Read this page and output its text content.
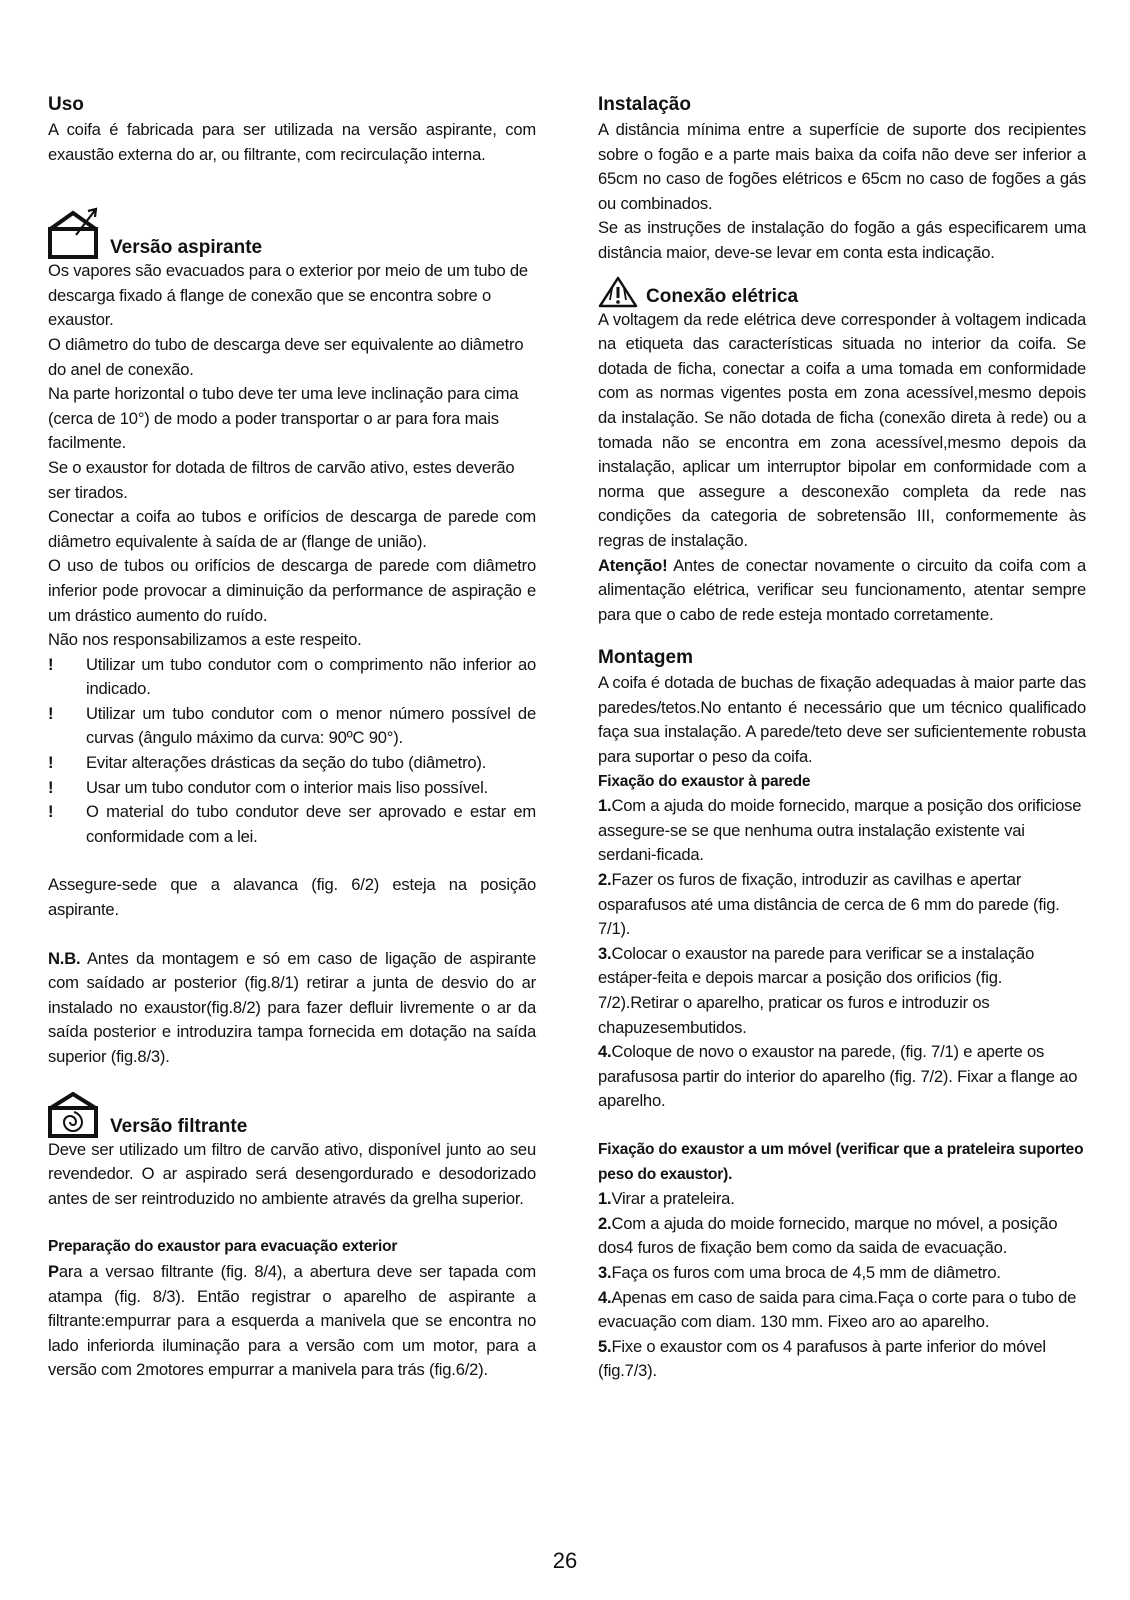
Uso

A coifa é fabricada para ser utilizada na versão aspirante, com exaustão externa do ar, ou filtrante, com recirculação interna.

Versão aspirante

Os vapores são evacuados para o exterior por meio de um tubo de descarga fixado á flange de conexão que se encontra sobre o exaustor.

O diâmetro do tubo de descarga deve ser equivalente ao diâmetro do anel de conexão.

Na parte horizontal o tubo deve ter uma leve inclinação para cima (cerca de 10°) de modo a poder transportar o ar para fora mais facilmente.

Se o exaustor for dotada de filtros de carvão ativo, estes deverão ser tirados.

Conectar a coifa ao tubos e orifícios de descarga de parede com diâmetro equivalente à saída de ar (flange de união).

O uso de tubos ou orifícios de descarga de parede com diâmetro inferior pode provocar a diminuição da performance de aspiração e um drástico aumento do ruído.

Não nos responsabilizamos a este respeito.

!	Utilizar um tubo condutor com o comprimento não inferior ao indicado.

!	Utilizar um tubo condutor com o menor número possível de curvas (ângulo máximo da curva: 90ºC 90°).

!	Evitar alterações drásticas da seção do tubo (diâmetro).

!	Usar um tubo condutor com o interior mais liso possível.

!	O material do tubo condutor deve ser aprovado e estar em conformidade com a lei.

Assegure-sede que a alavanca (fig. 6/2) esteja na posição aspirante.

N.B. Antes da montagem e só em caso de ligação de aspirante com saídado ar posterior (fig.8/1) retirar a junta de desvio do ar instalado no exaustor(fig.8/2) para fazer defluir livremente o ar da saída posterior e introduzira tampa fornecida em dotação na saída superior (fig.8/3).

Versão filtrante

Deve ser utilizado um filtro de carvão ativo, disponível junto ao seu revendedor. O ar aspirado será desengordurado e desodorizado antes de ser reintroduzido no ambiente através da grelha superior.

Preparação do exaustor para evacuação exterior

Para a versao filtrante (fig. 8/4), a abertura deve ser tapada com atampa (fig. 8/3). Então registrar o aparelho de aspirante a filtrante:empurrar para a esquerda a manivela que se encontra no lado inferiorda iluminação para a versão com um motor, para a versão com 2motores empurrar a manivela para trás (fig.6/2).

Instalação

A distância mínima entre a superfície de suporte dos recipientes sobre o fogão e a parte mais baixa da coifa não deve ser inferior a 65cm no caso de fogões elétricos e 65cm no caso de fogões a gás ou combinados.

Se as instruções de instalação do fogão a gás especificarem uma distância maior, deve-se levar em conta esta indicação.

Conexão elétrica

A voltagem da rede elétrica deve corresponder à voltagem indicada na etiqueta das características situada no interior da coifa. Se dotada de ficha, conectar a coifa a uma tomada em conformidade com as normas vigentes posta em zona acessível,mesmo depois da instalação. Se não dotada de ficha (conexão direta à rede) ou a tomada não se encontra em zona acessível,mesmo depois da instalação, aplicar um interruptor bipolar em conformidade com a norma que assegure a desconexão completa da rede nas condições da categoria de sobretensão III, conformemente às regras de instalação.

Atenção! Antes de conectar novamente o circuito da coifa com a alimentação elétrica, verificar seu funcionamento, atentar sempre para que o cabo de rede esteja montado corretamente.

Montagem

A coifa é dotada de buchas de fixação adequadas à maior parte das paredes/tetos.No entanto é necessário que um técnico qualificado faça sua instalação. A parede/teto deve ser suficientemente robusta para suportar o peso da coifa.

Fixação do exaustor à parede

1.Com a ajuda do moide fornecido, marque a posição dos orificiose assegure-se se que nenhuma outra instalação existente vai serdani-ficada.

2.Fazer os furos de fixação, introduzir as cavilhas e apertar osparafusos até uma distância de cerca de 6 mm do parede (fig. 7/1).

3.Colocar o exaustor na parede para verificar se a instalação estáper-feita e depois marcar a posição dos orificios (fig. 7/2).Retirar o aparelho, praticar os furos e introduzir os chapuzesembutidos.

4.Coloque de novo o exaustor na parede, (fig. 7/1) e aperte os parafusosa partir do interior do aparelho (fig. 7/2). Fixar a flange ao aparelho.

Fixação do exaustor a um móvel (verificar que a prateleira suporteo peso do exaustor).

1.Virar a prateleira.

2.Com a ajuda do moide fornecido, marque no móvel, a posição dos4 furos de fixação bem como da saida de evacuação.

3.Faça os furos com uma broca de 4,5 mm de diâmetro.

4.Apenas em caso de saida para cima.Faça o corte para o tubo de evacuação com diam. 130 mm. Fixeo aro ao aparelho.

5.Fixe o exaustor com os 4 parafusos à parte inferior do móvel (fig.7/3).

26
